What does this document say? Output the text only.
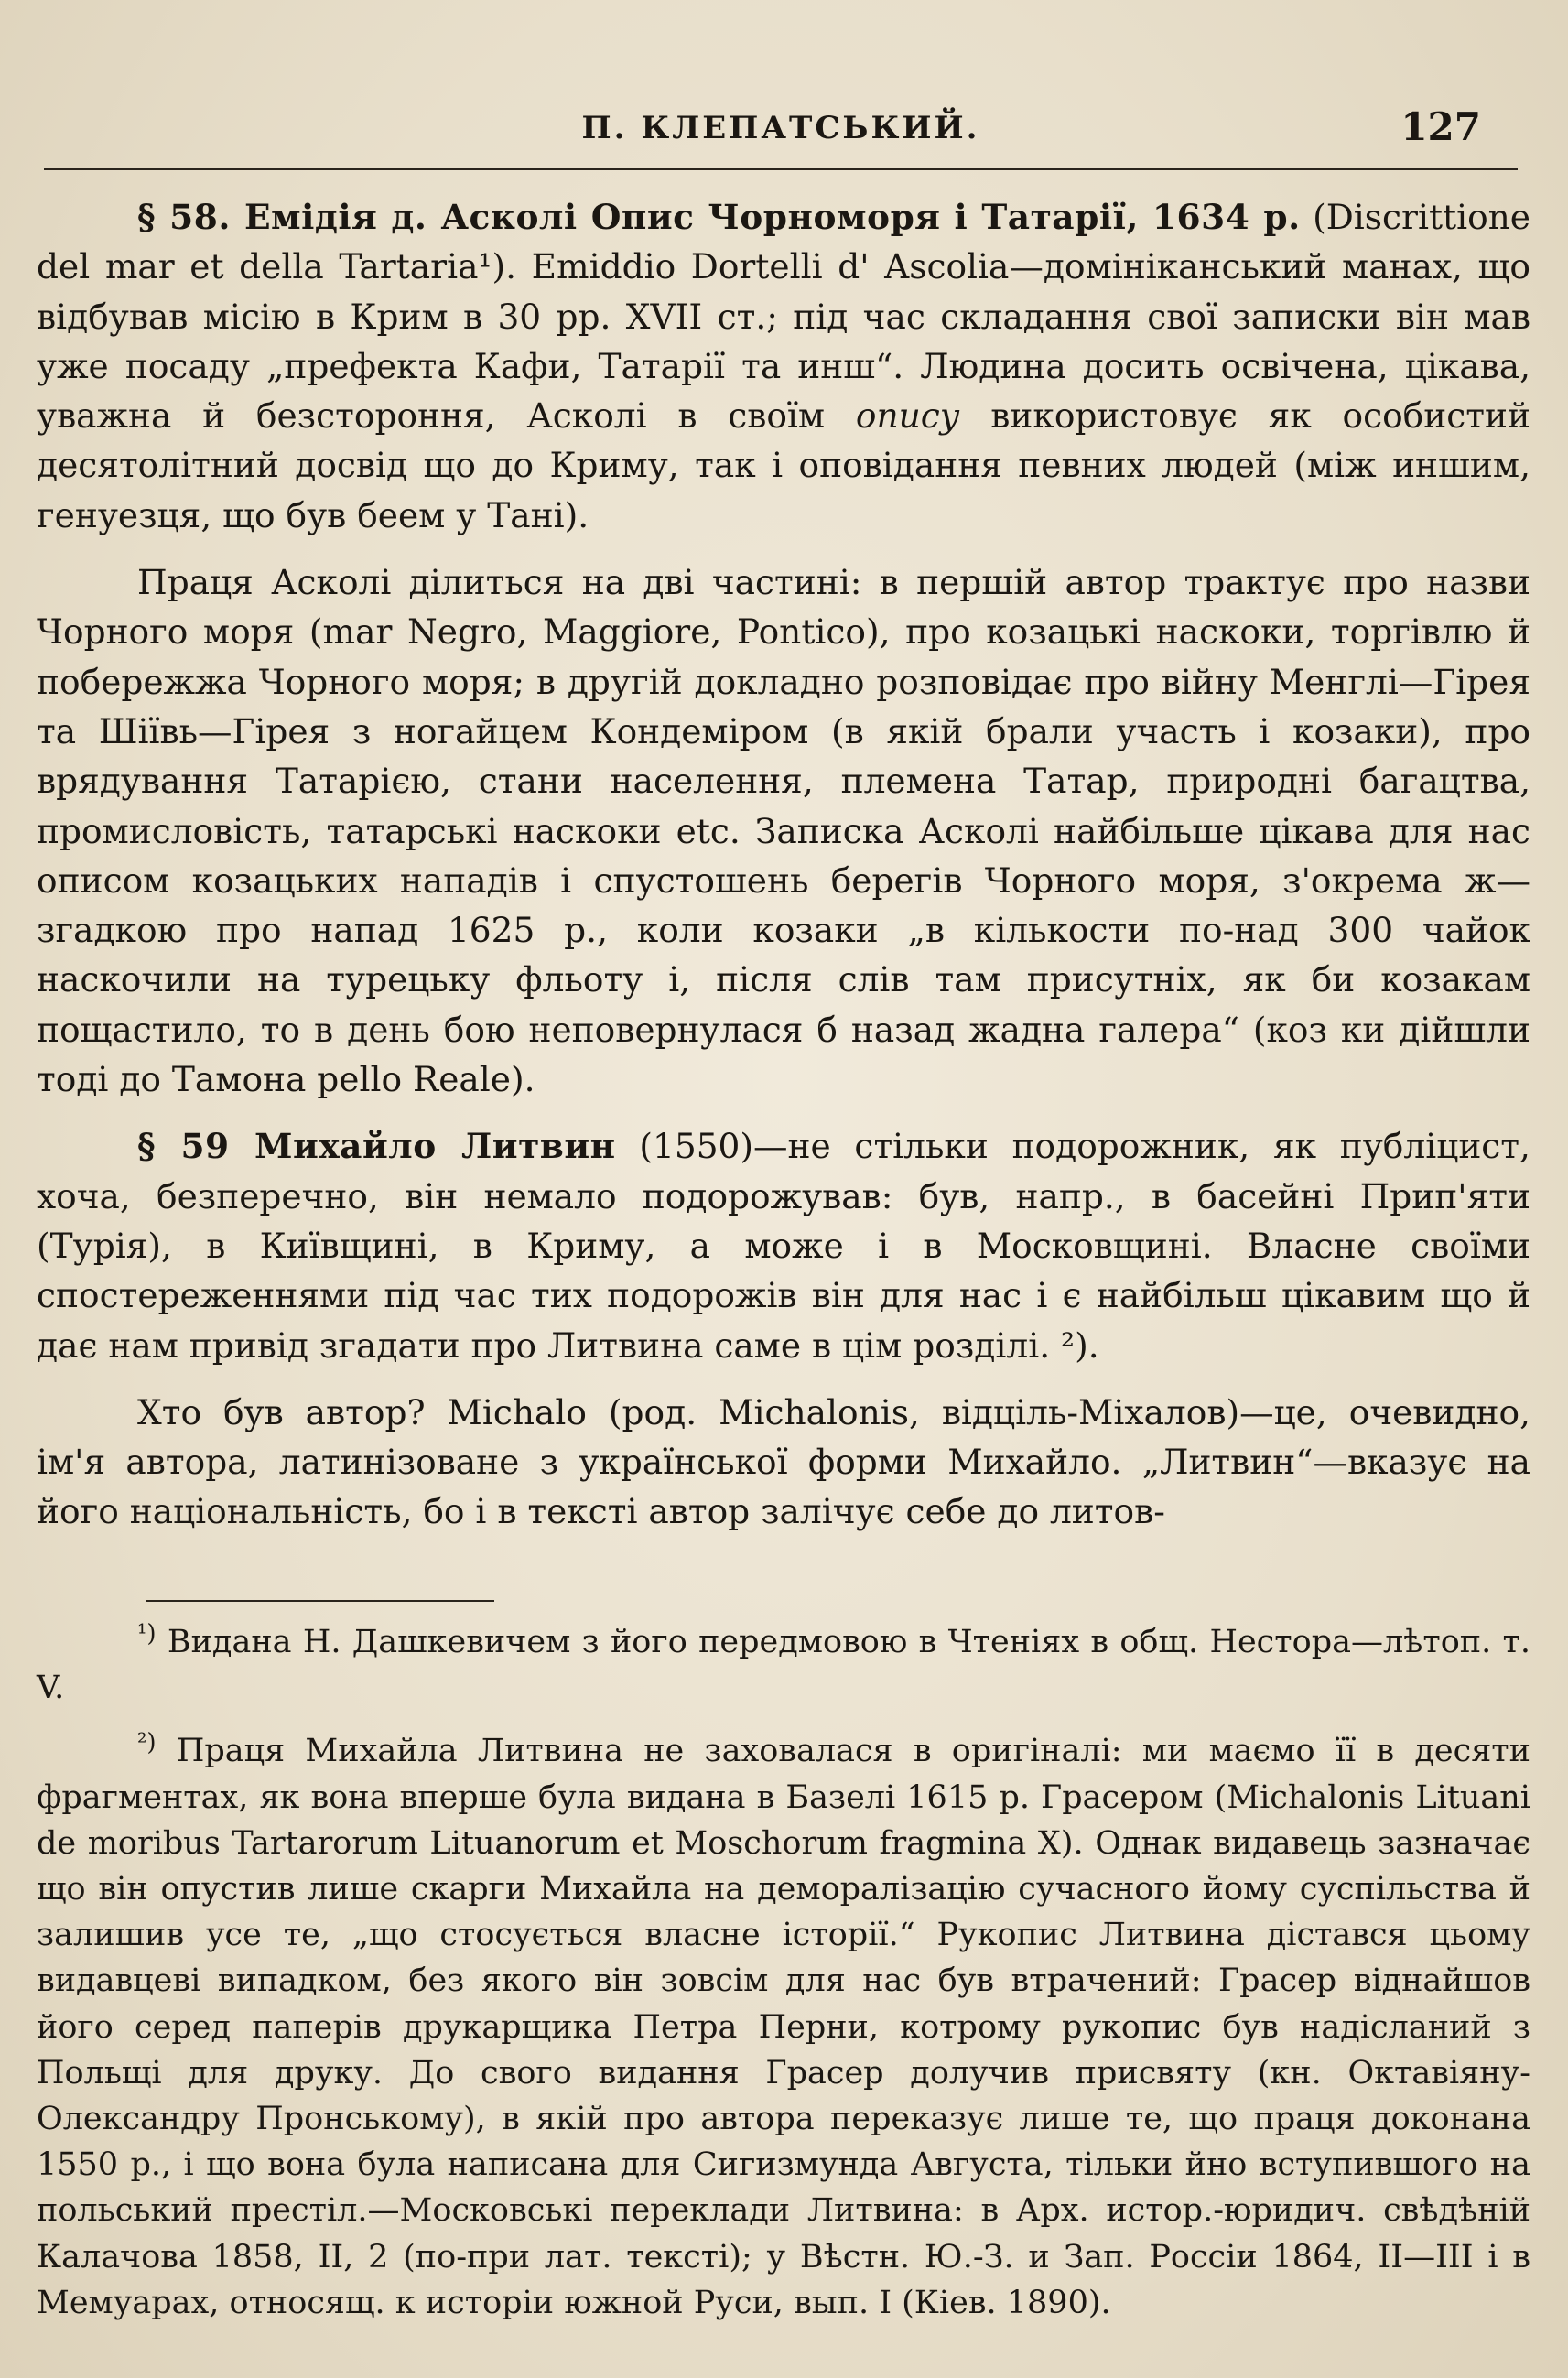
П. КЛЕПАТСЬКИЙ.	127

§ 58. Емідія д. Асколі Опис Чорноморя і Татарії, 1634 р. (Discrittione del mar et della Tartaria¹). Emiddio Dortelli d' Ascolia—домініканський манах, що відбував місію в Крим в 30 рр. XVII ст.; під час складання свої записки він мав уже посаду „префекта Кафи, Татарії та инш“. Людина досить освічена, цікава, уважна й безстороння, Асколі в своїм опису використовує як особистий десятолітний досвід що до Криму, так і оповідання певних людей (між иншим, генуезця, що був беем у Тані).

Праця Асколі ділиться на дві частині: в першій автор трактує про назви Чорного моря (mar Negro, Maggiore, Pontico), про козацькі наскоки, торгівлю й побережжа Чорного моря; в другій докладно розповідає про війну Менглі—Гірея та Шіївь—Гірея з ногайцем Кондеміром (в якій брали участь і козаки), про врядування Татарією, стани населення, племена Татар, природні багацтва, промисловість, татарські наскоки etc. Записка Асколі найбільше цікава для нас описом козацьких нападів і спустошень берегів Чорного моря, з'окрема ж—згадкою про напад 1625 р., коли козаки „в кількости по-над 300 чайок наскочили на турецьку фльоту і, після слів там присутніх, як би козакам пощастило, то в день бою неповернулася б назад жадна галера“ (коз ки дійшли тоді до Тамона pello Reale).

§ 59 Михайло Литвин (1550)—не стільки подорожник, як публіцист, хоча, безперечно, він немало подорожував: був, напр., в басейні Прип'яти (Турія), в Київщині, в Криму, а може і в Московщині. Власне своїми спостереженнями під час тих подорожів він для нас і є найбільш цікавим що й дає нам привід згадати про Литвина саме в цім розділі. ²).

Хто був автор? Michalo (род. Michalonis, відціль-Міхалов)—це, очевидно, ім'я автора, латинізоване з української форми Михайло. „Литвин“—вказує на його національність, бо і в тексті автор залічує себе до литов-

$^{^1)}$ Видана Н. Дашкевичем з його передмовою в Чтеніях в общ. Нестора—лѣтоп. т. V.

$^{^2)}$ Праця Михайла Литвина не заховалася в оригіналі: ми маємо її в десяти фрагментах, як вона вперше була видана в Базелі 1615 р. Грасером (Michalonis Lituani de moribus Tartarorum Lituanorum et Moschorum fragmina X). Однак видавець зазначає що він опустив лише скарги Михайла на деморалізацію сучасного йому суспільства й залишив усе те, „що стосується власне історії.“ Рукопис Литвина дістався цьому видавцеві випадком, без якого він зовсім для нас був втрачений: Грасер віднайшов його серед паперів друкарщика Петра Перни, котрому рукопис був надісланий з Польщі для друку. До свого видання Грасер долучив присвяту (кн. Октавіяну-Олександру Пронському), в якій про автора переказує лише те, що праця доконана 1550 р., і що вона була написана для Сигизмунда Августа, тільки йно вступившого на польський престіл.—Московські переклади Литвина: в Арх. истор.-юридич. свѣдѣній Калачова 1858, II, 2 (по-при лат. тексті); у Вѣстн. Ю.-З. и Зап. Россіи 1864, II—III і в Мемуарах, относящ. к исторіи южной Руси, вып. I (Кіев. 1890).
